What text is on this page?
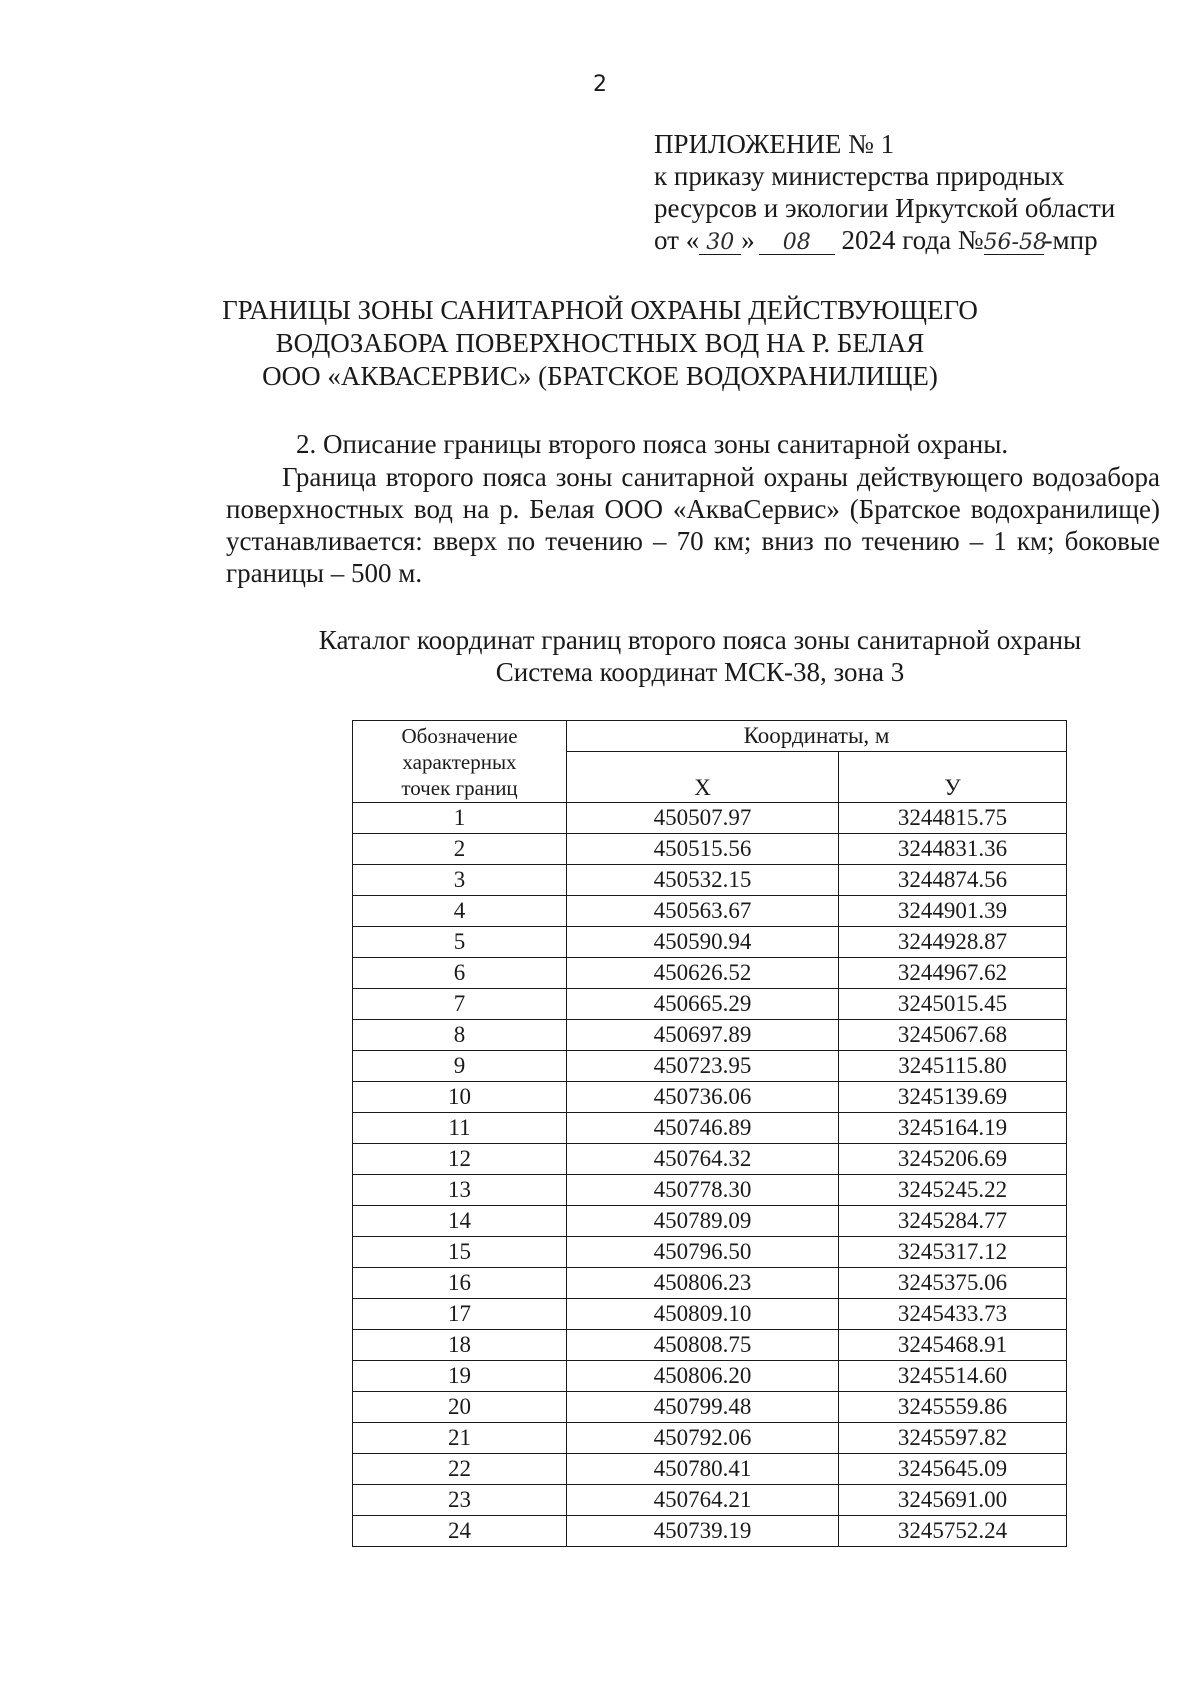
2
ПРИЛОЖЕНИЕ № 1
к приказу министерства природных
ресурсов и экологии Иркутской области
от « 30 » 08 2024 года №56-58-мпр
ГРАНИЦЫ ЗОНЫ САНИТАРНОЙ ОХРАНЫ ДЕЙСТВУЮЩЕГО
ВОДОЗАБОРА ПОВЕРХНОСТНЫХ ВОД НА Р. БЕЛАЯ
ООО «АКВАСЕРВИС» (БРАТСКОЕ ВОДОХРАНИЛИЩЕ)
2. Описание границы второго пояса зоны санитарной охраны.
Граница второго пояса зоны санитарной охраны действующего водозабора поверхностных вод на р. Белая ООО «АкваСервис» (Братское водохранилище) устанавливается: вверх по течению – 70 км; вниз по течению – 1 км; боковые границы – 500 м.
Каталог координат границ второго пояса зоны санитарной охраны
Система координат МСК-38, зона 3
Обозначение
характерных
точек границ	Координаты, м	
	Х	У
1	450507.97	3244815.75
2	450515.56	3244831.36
3	450532.15	3244874.56
4	450563.67	3244901.39
5	450590.94	3244928.87
6	450626.52	3244967.62
7	450665.29	3245015.45
8	450697.89	3245067.68
9	450723.95	3245115.80
10	450736.06	3245139.69
11	450746.89	3245164.19
12	450764.32	3245206.69
13	450778.30	3245245.22
14	450789.09	3245284.77
15	450796.50	3245317.12
16	450806.23	3245375.06
17	450809.10	3245433.73
18	450808.75	3245468.91
19	450806.20	3245514.60
20	450799.48	3245559.86
21	450792.06	3245597.82
22	450780.41	3245645.09
23	450764.21	3245691.00
24	450739.19	3245752.24
